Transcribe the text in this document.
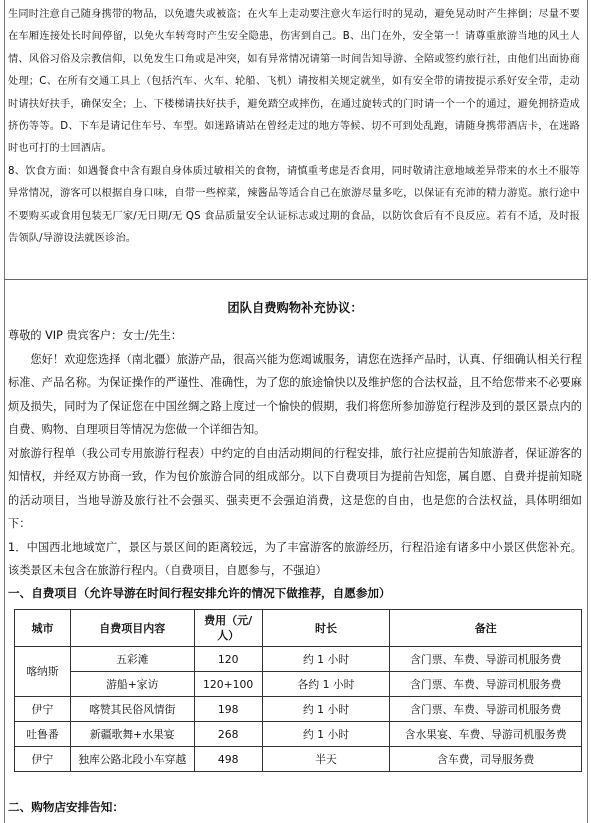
生同时注意自己随身携带的物品，以免遗失或被盗；在火车上走动要注意火车运行时的晃动，避免晃动时产生摔倒；尽量不要在车厢连接处长时间停留，以免火车转弯时产生安全隐患，伤害到自己。B、出门在外，安全第一！请尊重旅游当地的风土人情、风俗习俗及宗教信仰，以免发生口角或是冲突，如有异常情况请第一时间告知导游、全陪或签约旅行社，由他们出面协商处理；C、在所有交通工具上（包括汽车、火车、轮船、飞机）请按相关规定就坐，如有安全带的请按提示系好安全带，走动时请扶好扶手，确保安全；上、下楼梯请扶好扶手，避免踏空或摔伤，在通过旋转式的门时请一个一个的通过，避免拥挤造成挤伤等等。D、下车是请记住车号、车型。如迷路请站在曾经走过的地方等候、切不可到处乱跑，请随身携带酒店卡，在迷路时也可打的士回酒店。

8、饮食方面：如遇餐食中含有跟自身体质过敏相关的食物，请慎重考虑是否食用，同时敬请注意地域差异带来的水土不服等异常情况，游客可以根据自身口味，自带一些榨菜，辣酱品等适合自己在旅游尽量多吃，以保证有充沛的精力游览。旅行途中不要购买或食用包装无厂家/无日期/无 QS 食品质量安全认证标志或过期的食品，以防饮食后有不良反应。若有不适，及时报告领队/导游设法就医诊治。

团队自费购物补充协议：

尊敬的 VIP 贵宾客户：女士/先生：

您好！欢迎您选择（南北疆）旅游产品，很高兴能为您竭诚服务，请您在选择产品时，认真、仔细确认相关行程标准、产品名称。为保证操作的严谨性、准确性，为了您的旅途愉快以及维护您的合法权益，且不给您带来不必要麻烦及损失，同时为了保证您在中国丝绸之路上度过一个愉快的假期，我们将您所参加游览行程涉及到的景区景点内的自费、购物、自理项目等情况为您做一个详细告知。

对旅游行程单（我公司专用旅游行程表）中约定的自由活动期间的行程安排，旅行社应提前告知旅游者，保证游客的知情权，并经双方协商一致，作为包价旅游合同的组成部分。以下自费项目为提前告知您，属自愿、自费并提前知晓的活动项目，当地导游及旅行社不会强买、强卖更不会强迫消费，这是您的自由，也是您的合法权益，具体明细如下：

1．中国西北地域宽广，景区与景区间的距离较远，为了丰富游客的旅游经历，行程沿途有诸多中小景区供您补充。该类景区未包含在旅游行程内。（自费项目，自愿参与，不强迫）

一、自费项目（允许导游在时间行程安排允许的情况下做推荐，自愿参加）

城市	自费项目内容	费用（元/人）	时长	备注
喀纳斯	五彩滩	120	约 1 小时	含门票、车费、导游司机服务费
	游船+家访	120+100	各约 1 小时	含门票、车费、导游司机服务费
伊宁	喀赞其民俗风情街	198	约 1 小时	含门票、车费、导游司机服务费
吐鲁番	新疆歌舞+水果宴	268	约 1 小时	含水果宴、车费、导游司机服务费
伊宁	独库公路北段小车穿越	498	半天	含车费，司导服务费
二、购物店安排告知：
